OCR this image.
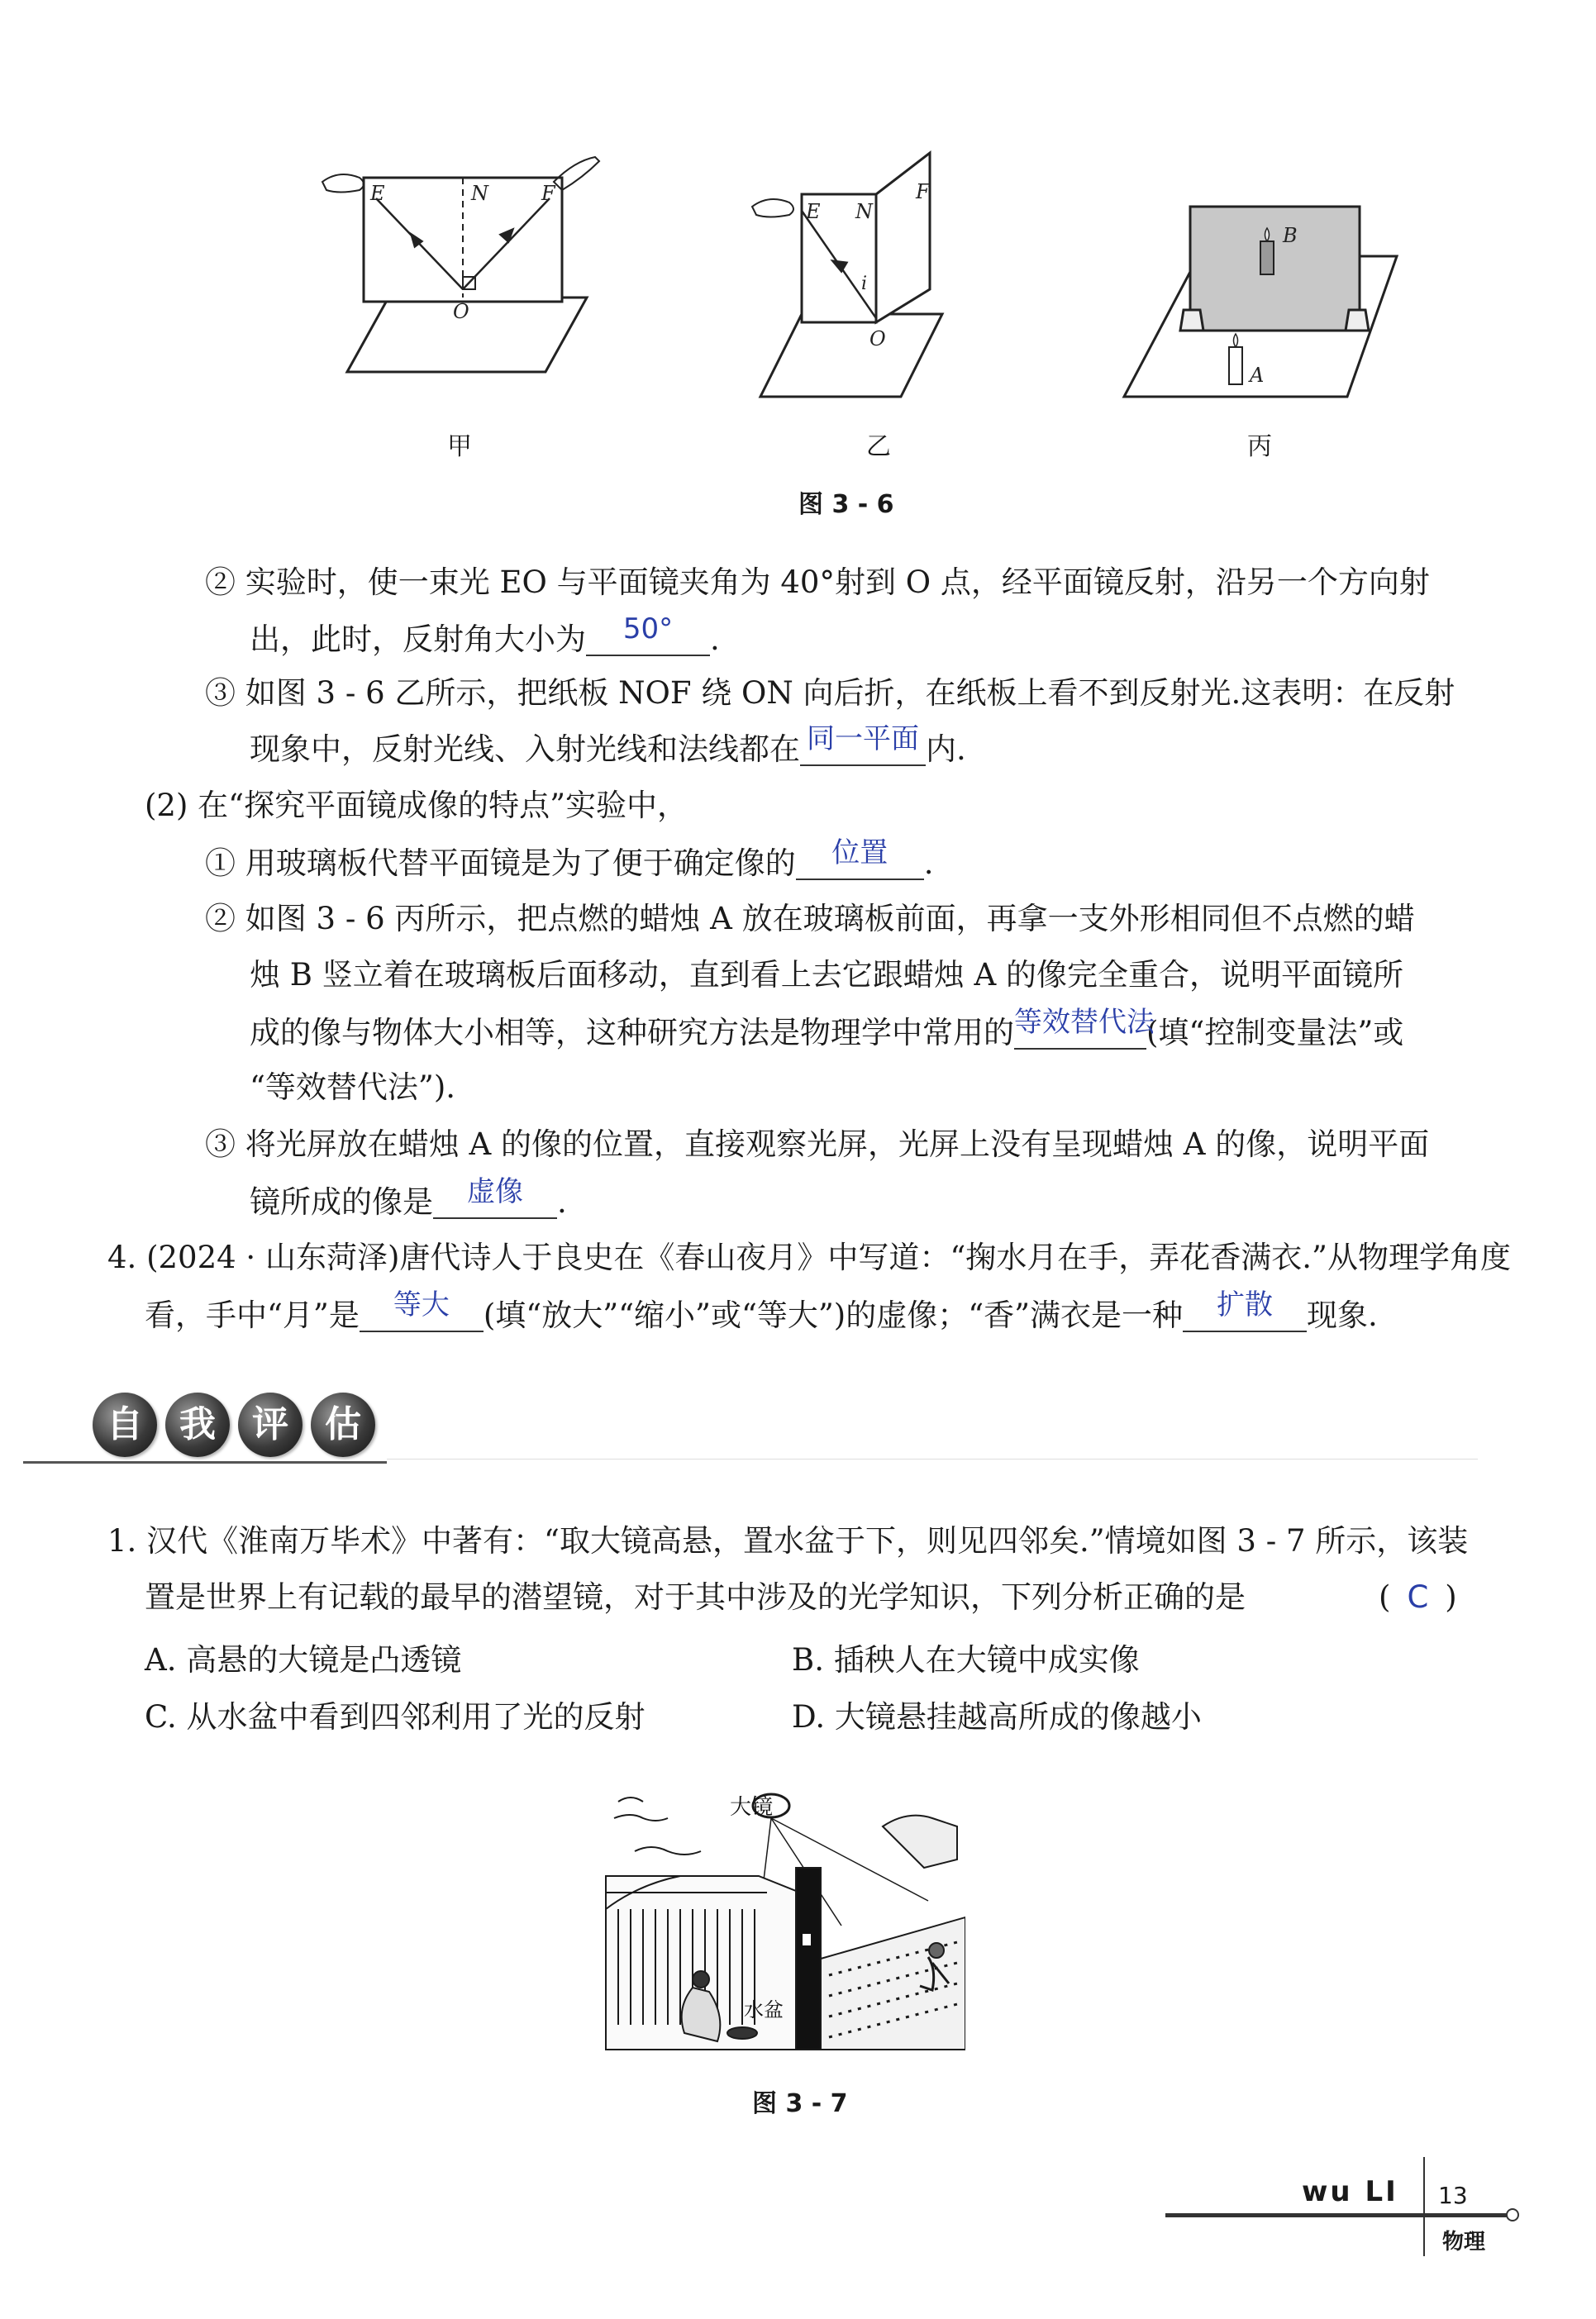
E	N	F
O
E N
F
i
O
B
A
甲	乙	丙
图 3 - 6
② 实验时，使一束光 EO 与平面镜夹角为 40°射到 O 点，经平面镜反射，沿另一个方向射
出，此时，反射角大小为 50° .
③ 如图 3 - 6 乙所示，把纸板 NOF 绕 ON 向后折，在纸板上看不到反射光.这表明：在反射
现象中，反射光线、入射光线和法线都在 同一平面 内.
(2) 在“探究平面镜成像的特点”实验中，
① 用玻璃板代替平面镜是为了便于确定像的 位置 .
② 如图 3 - 6 丙所示，把点燃的蜡烛 A 放在玻璃板前面，再拿一支外形相同但不点燃的蜡
烛 B 竖立着在玻璃板后面移动，直到看上去它跟蜡烛 A 的像完全重合，说明平面镜所
成的像与物体大小相等，这种研究方法是物理学中常用的等效替代法(填“控制变量法”或
“等效替代法”).
③ 将光屏放在蜡烛 A 的像的位置，直接观察光屏，光屏上没有呈现蜡烛 A 的像，说明平面
镜所成的像是 虚像 .
4. (2024 · 山东菏泽)唐代诗人于良史在《春山夜月》中写道：“掬水月在手，弄花香满衣.”从物理学角度
看，手中“月”是 等大 (填“放大”“缩小”或“等大”)的虚像；“香”满衣是一种 扩散 现象.
自	我	评	估
1. 汉代《淮南万毕术》中著有：“取大镜高悬，置水盆于下，则见四邻矣.”情境如图 3 - 7 所示，该装
置是世界上有记载的最早的潜望镜，对于其中涉及的光学知识，下列分析正确的是	( C )
A. 高悬的大镜是凸透镜	B. 插秧人在大镜中成实像
C. 从水盆中看到四邻利用了光的反射	D. 大镜悬挂越高所成的像越小
大镜
水盆
图 3 - 7
wu LI 13
物理
